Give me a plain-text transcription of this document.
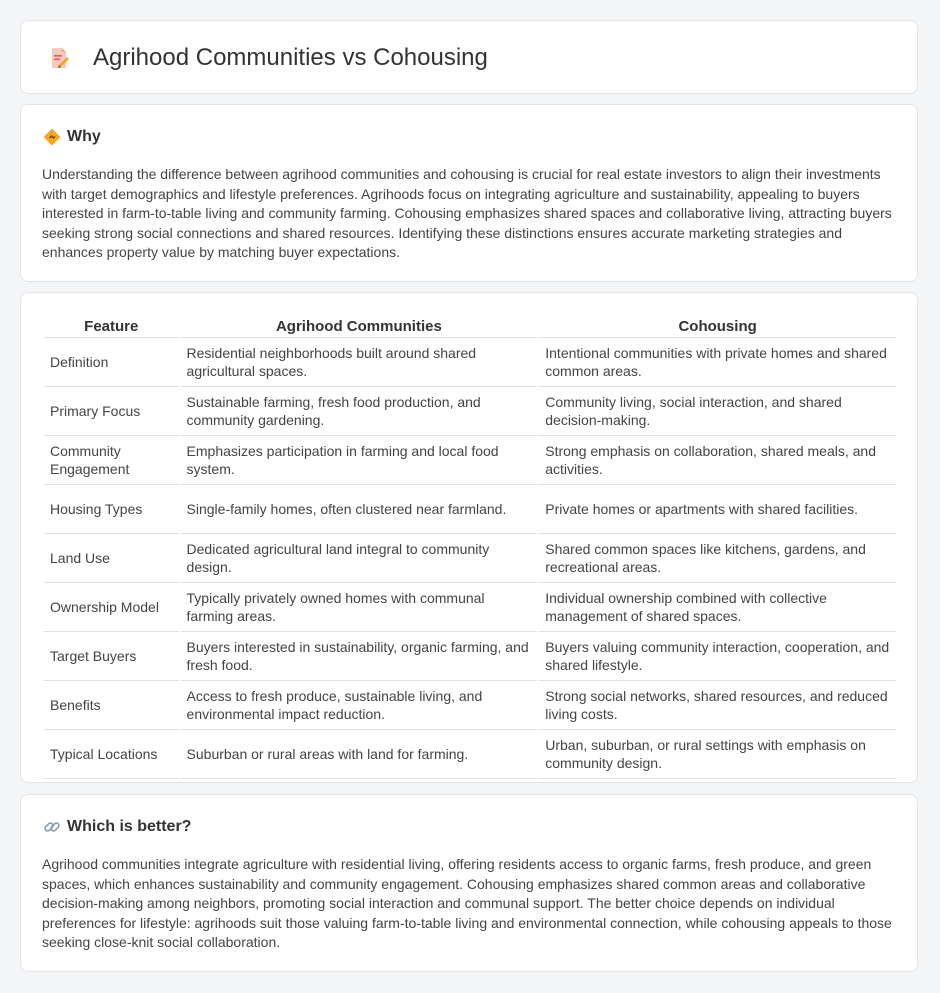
Agrihood Communities vs Cohousing
Why

Understanding the difference between agrihood communities and cohousing is crucial for real estate investors to align their investments with target demographics and lifestyle preferences. Agrihoods focus on integrating agriculture and sustainability, appealing to buyers interested in farm-to-table living and community farming. Cohousing emphasizes shared spaces and collaborative living, attracting buyers seeking strong social connections and shared resources. Identifying these distinctions ensures accurate marketing strategies and enhances property value by matching buyer expectations.

Feature	Agrihood Communities	Cohousing
Definition	Residential neighborhoods built around shared agricultural spaces.	Intentional communities with private homes and shared common areas.
Primary Focus	Sustainable farming, fresh food production, and community gardening.	Community living, social interaction, and shared decision-making.
Community Engagement	Emphasizes participation in farming and local food system.	Strong emphasis on collaboration, shared meals, and activities.
Housing Types	Single-family homes, often clustered near farmland.	Private homes or apartments with shared facilities.
Land Use	Dedicated agricultural land integral to community design.	Shared common spaces like kitchens, gardens, and recreational areas.
Ownership Model	Typically privately owned homes with communal farming areas.	Individual ownership combined with collective management of shared spaces.
Target Buyers	Buyers interested in sustainability, organic farming, and fresh food.	Buyers valuing community interaction, cooperation, and shared lifestyle.
Benefits	Access to fresh produce, sustainable living, and environmental impact reduction.	Strong social networks, shared resources, and reduced living costs.
Typical Locations	Suburban or rural areas with land for farming.	Urban, suburban, or rural settings with emphasis on community design.
Which is better?

Agrihood communities integrate agriculture with residential living, offering residents access to organic farms, fresh produce, and green spaces, which enhances sustainability and community engagement. Cohousing emphasizes shared common areas and collaborative decision-making among neighbors, promoting social interaction and communal support. The better choice depends on individual preferences for lifestyle: agrihoods suit those valuing farm-to-table living and environmental connection, while cohousing appeals to those seeking close-knit social collaboration.
